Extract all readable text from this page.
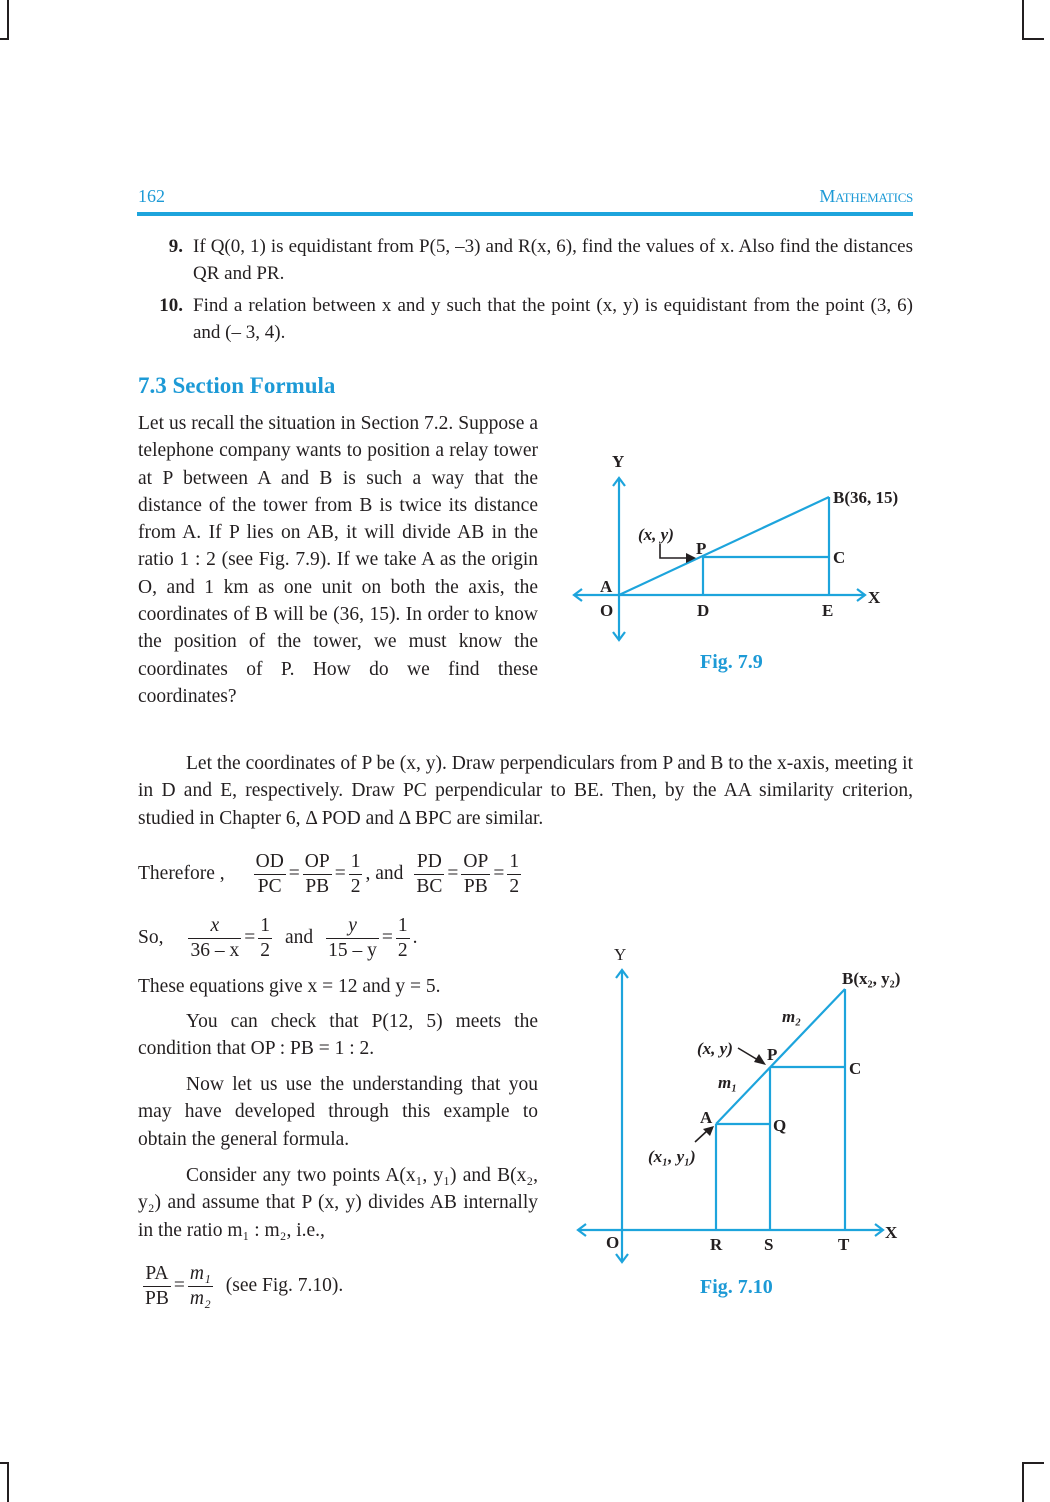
162	Mathematics
9. If Q(0, 1) is equidistant from P(5, –3) and R(x, 6), find the values of x. Also find the distances QR and PR.
10. Find a relation between x and y such that the point (x, y) is equidistant from the point (3, 6) and (– 3, 4).
7.3 Section Formula
Let us recall the situation in Section 7.2. Suppose a telephone company wants to position a relay tower at P between A and B is such a way that the distance of the tower from B is twice its distance from A. If P lies on AB, it will divide AB in the ratio 1 : 2 (see Fig. 7.9). If we take A as the origin O, and 1 km as one unit on both the axis, the coordinates of B will be (36, 15). In order to know the position of the tower, we must know the coordinates of P. How do we find these coordinates?
Y
X
A
O
P
(x, y)
B(36, 15)
C
D	E
Fig. 7.9
Let the coordinates of P be (x, y). Draw perpendiculars from P and B to the x-axis, meeting it in D and E, respectively. Draw PC perpendicular to BE. Then, by the AA similarity criterion, studied in Chapter 6, Δ POD and Δ BPC are similar.
Therefore , $\frac{OD}{PC} = \frac{OP}{PB} = \frac{1}{2}$ , and $\frac{PD}{BC} = \frac{OP}{PB} = \frac{1}{2}$
So, $\frac{x}{36 - x} = \frac{1}{2}$ and $\frac{y}{15 - y} = \frac{1}{2}$ .
These equations give x = 12 and y = 5.
You can check that P(12, 5) meets the condition that OP : PB = 1 : 2.
Now let us use the understanding that you may have developed through this example to obtain the general formula.
Consider any two points A(x₁, y₁) and B(x₂, y₂) and assume that P (x, y) divides AB internally in the ratio m₁ : m₂, i.e.,
$\frac{PA}{PB} = \frac{\text{m₁}}{\text{m₂}} (see$ Fig. 7.10).
Y
X
O	R S	T
A
(x₁, y₁)
P
(x, y)
Q
C
B(x₂, y₂)
m₁
m₂
Fig. 7.10
